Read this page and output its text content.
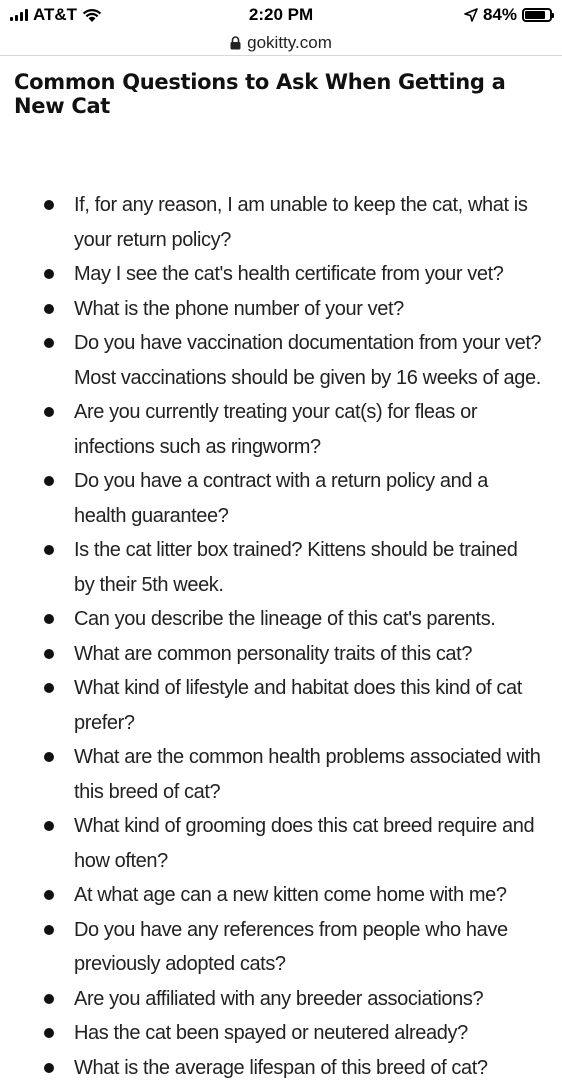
AT&T	2:20 PM	84%
gokitty.com
Common Questions to Ask When Getting a New Cat
If, for any reason, I am unable to keep the cat, what is your return policy?
May I see the cat's health certificate from your vet?
What is the phone number of your vet?
Do you have vaccination documentation from your vet? Most vaccinations should be given by 16 weeks of age.
Are you currently treating your cat(s) for fleas or infections such as ringworm?
Do you have a contract with a return policy and a health guarantee?
Is the cat litter box trained? Kittens should be trained by their 5th week.
Can you describe the lineage of this cat's parents.
What are common personality traits of this cat?
What kind of lifestyle and habitat does this kind of cat prefer?
What are the common health problems associated with this breed of cat?
What kind of grooming does this cat breed require and how often?
At what age can a new kitten come home with me?
Do you have any references from people who have previously adopted cats?
Are you affiliated with any breeder associations?
Has the cat been spayed or neutered already?
What is the average lifespan of this breed of cat?
